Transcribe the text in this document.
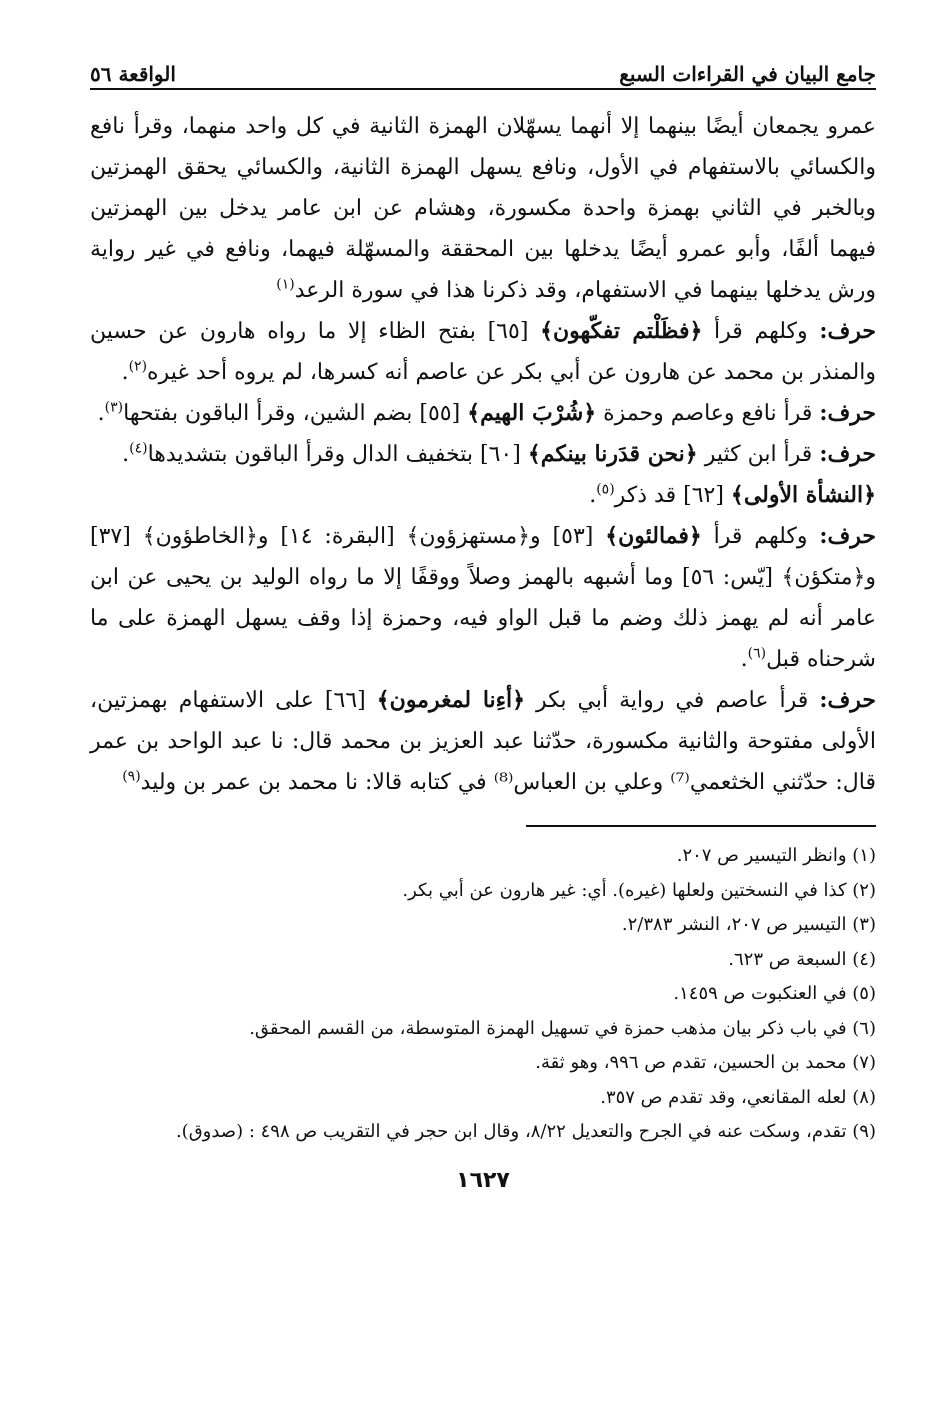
جامع البيان في القراءات السبع
الواقعة ٥٦

عمرو يجمعان أيضًا بينهما إلا أنهما يسهّلان الهمزة الثانية في كل واحد منهما، وقرأ نافع والكسائي بالاستفهام في الأول، ونافع يسهل الهمزة الثانية، والكسائي يحقق الهمزتين وبالخبر في الثاني بهمزة واحدة مكسورة، وهشام عن ابن عامر يدخل بين الهمزتين فيهما ألفًا، وأبو عمرو أيضًا يدخلها بين المحققة والمسهّلة فيهما، ونافع في غير رواية ورش يدخلها بينهما في الاستفهام، وقد ذكرنا هذا في سورة الرعد$^{(١)}$

حرف: وكلهم قرأ ﴿فظَلْتم تفكّهون﴾ [٦٥] بفتح الظاء إلا ما رواه هارون عن حسين والمنذر بن محمد عن هارون عن أبي بكر عن عاصم أنه كسرها، لم يروه أحد غيره$^{(٢)}$.

حرف: قرأ نافع وعاصم وحمزة ﴿شُرْبَ الهيم﴾ [٥٥] بضم الشين، وقرأ الباقون بفتحها$^{(٣)}$.

حرف: قرأ ابن كثير ﴿نحن قدَرنا بينكم﴾ [٦٠] بتخفيف الدال وقرأ الباقون بتشديدها$^{(٤)}$.

﴿النشأة الأولى﴾ [٦٢] قد ذكر$^{(٥)}$.

حرف: وكلهم قرأ ﴿فمالئون﴾ [٥٣] و﴿مستهزؤون﴾ [البقرة: ١٤] و﴿الخاطؤون﴾ [٣٧] و﴿متكؤن﴾ [يّس: ٥٦] وما أشبهه بالهمز وصلاً ووقفًا إلا ما رواه الوليد بن يحيى عن ابن عامر أنه لم يهمز ذلك وضم ما قبل الواو فيه، وحمزة إذا وقف يسهل الهمزة على ما شرحناه قبل$^{(٦)}$.

حرف: قرأ عاصم في رواية أبي بكر ﴿أءِنا لمغرمون﴾ [٦٦] على الاستفهام بهمزتين، الأولى مفتوحة والثانية مكسورة، حدّثنا عبد العزيز بن محمد قال: نا عبد الواحد بن عمر قال: حدّثني الخثعمي⁽⁷⁾ وعلي بن العباس⁽⁸⁾ في كتابه قالا: نا محمد بن عمر بن وليد$^{(٩)}$

(١) وانظر التيسير ص ٢٠٧.
(٢) كذا في النسختين ولعلها (غيره). أي: غير هارون عن أبي بكر.
(٣) التيسير ص ٢٠٧، النشر ٢/٣٨٣.
(٤) السبعة ص ٦٢٣.
(٥) في العنكبوت ص ١٤٥٩.
(٦) في باب ذكر بيان مذهب حمزة في تسهيل الهمزة المتوسطة، من القسم المحقق.
(٧) محمد بن الحسين، تقدم ص ٩٩٦، وهو ثقة.
(٨) لعله المقانعي، وقد تقدم ص ٣٥٧.
(٩) تقدم، وسكت عنه في الجرح والتعديل ٨/٢٢، وقال ابن حجر في التقريب ص ٤٩٨ : (صدوق).
١٦٢٧
